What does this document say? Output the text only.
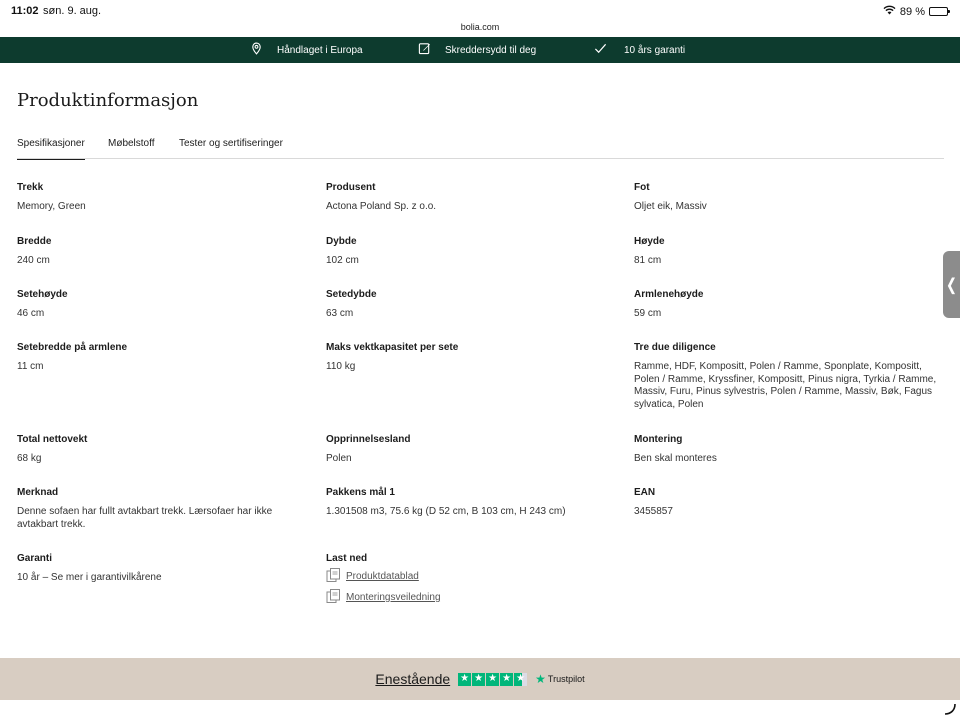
11:02 søn. 9. aug.	89 %
bolia.com
Håndlaget i Europa	Skreddersydd til deg	10 års garanti
Produktinformasjon
Spesifikasjoner Møbelstoff Tester og sertifiseringer
Trekk
Memory, Green
Produsent
Actona Poland Sp. z o.o.
Fot
Oljet eik, Massiv
Bredde
240 cm
Dybde
102 cm
Høyde
81 cm
Setehøyde
46 cm
Setedybde
63 cm
Armlenehøyde
59 cm
Setebredde på armlene
11 cm
Maks vektkapasitet per sete
110 kg
Tre due diligence
Ramme, HDF, Kompositt, Polen / Ramme, Sponplate, Kompositt, Polen / Ramme, Kryssfiner, Kompositt, Pinus nigra, Tyrkia / Ramme, Massiv, Furu, Pinus sylvestris, Polen / Ramme, Massiv, Bøk, Fagus sylvatica, Polen
Total nettovekt
68 kg
Opprinnelsesland
Polen
Montering
Ben skal monteres
Merknad
Denne sofaen har fullt avtakbart trekk. Lærsofaer har ikke avtakbart trekk.
Pakkens mål 1
1.301508 m3, 75.6 kg (D 52 cm, B 103 cm, H 243 cm)
EAN
3455857
Garanti
10 år – Se mer i garantivilkårene
Last ned
Produktdatablad
Monteringsveiledning
❬
Enestående ★ ★ ★ ★ ★ ★ Trustpilot
